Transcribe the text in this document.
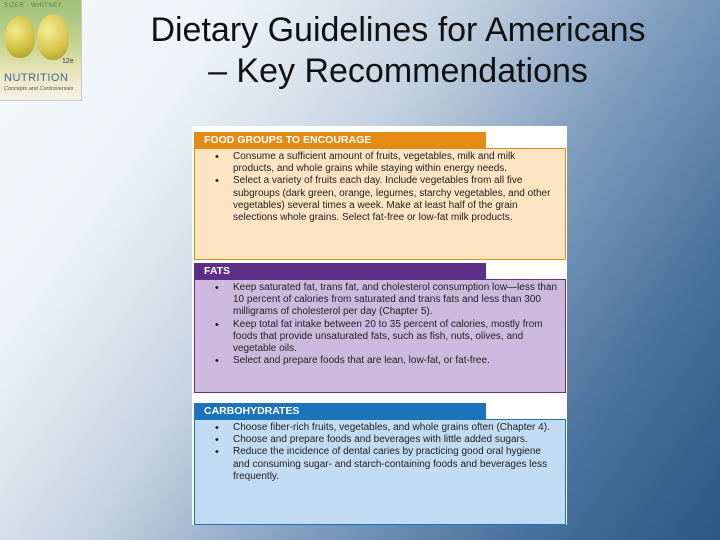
SIZER · WHITNEY
12e
NUTRITION
Concepts and Controversies
Dietary Guidelines for Americans
– Key Recommendations
FOOD GROUPS TO ENCOURAGE
• Consume a sufficient amount of fruits, vegetables, milk and milk products, and whole grains while staying within energy needs.
• Select a variety of fruits each day. Include vegetables from all five subgroups (dark green, orange, legumes, starchy vegetables, and other vegetables) several times a week. Make at least half of the grain selections whole grains. Select fat-free or low-fat milk products.
FATS
• Keep saturated fat, trans fat, and cholesterol consumption low—less than 10 percent of calories from saturated and trans fats and less than 300 milligrams of cholesterol per day (Chapter 5).
• Keep total fat intake between 20 to 35 percent of calories, mostly from foods that provide unsaturated fats, such as fish, nuts, olives, and vegetable oils.
• Select and prepare foods that are lean, low-fat, or fat-free.
CARBOHYDRATES
• Choose fiber-rich fruits, vegetables, and whole grains often (Chapter 4).
• Choose and prepare foods and beverages with little added sugars.
• Reduce the incidence of dental caries by practicing good oral hygiene and consuming sugar- and starch-containing foods and beverages less frequently.
